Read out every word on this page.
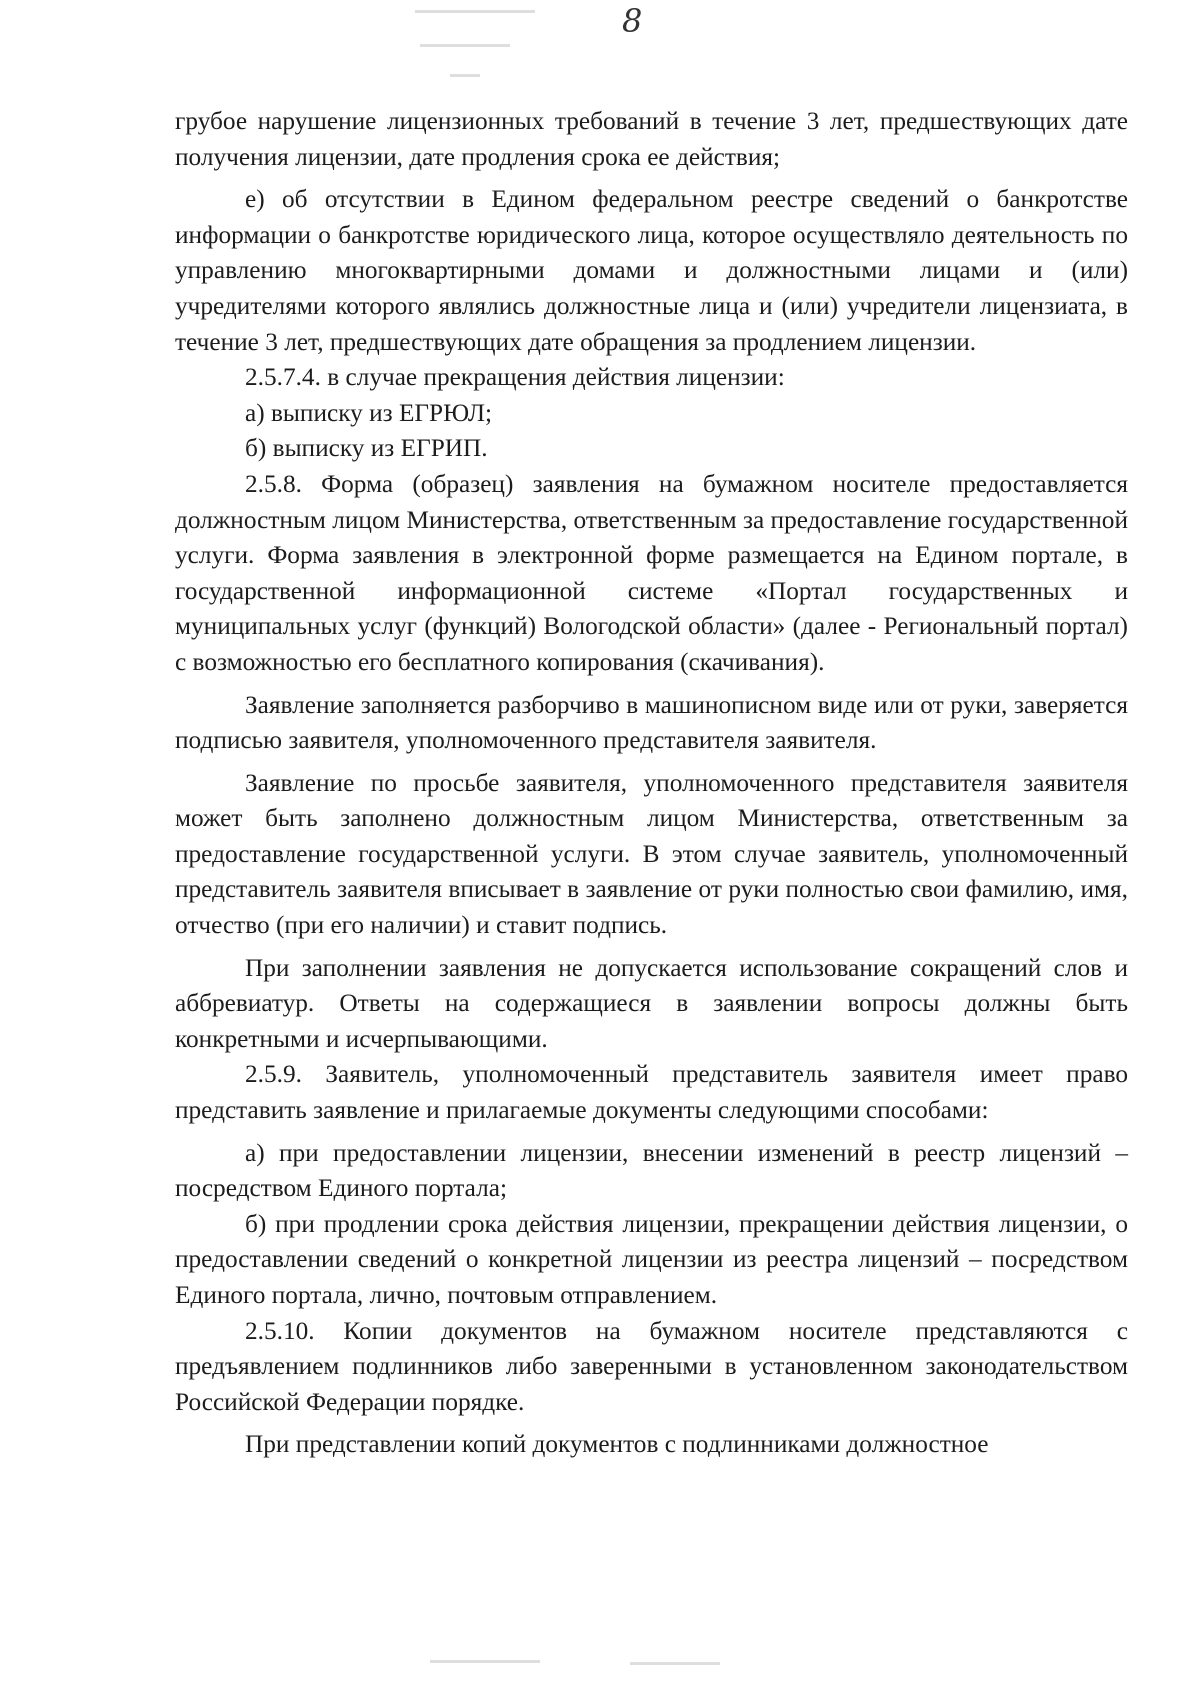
8

грубое нарушение лицензионных требований в течение 3 лет, предшествующих дате получения лицензии, дате продления срока ее действия;

е) об отсутствии в Едином федеральном реестре сведений о банкротстве информации о банкротстве юридического лица, которое осуществляло деятельность по управлению многоквартирными домами и должностными лицами и (или) учредителями которого являлись должностные лица и (или) учредители лицензиата, в течение 3 лет, предшествующих дате обращения за продлением лицензии.

2.5.7.4. в случае прекращения действия лицензии:

а) выписку из ЕГРЮЛ;

б) выписку из ЕГРИП.

2.5.8. Форма (образец) заявления на бумажном носителе предоставляется должностным лицом Министерства, ответственным за предоставление государственной услуги. Форма заявления в электронной форме размещается на Едином портале, в государственной информационной системе «Портал государственных и муниципальных услуг (функций) Вологодской области» (далее - Региональный портал) с возможностью его бесплатного копирования (скачивания).

Заявление заполняется разборчиво в машинописном виде или от руки, заверяется подписью заявителя, уполномоченного представителя заявителя.

Заявление по просьбе заявителя, уполномоченного представителя заявителя может быть заполнено должностным лицом Министерства, ответственным за предоставление государственной услуги. В этом случае заявитель, уполномоченный представитель заявителя вписывает в заявление от руки полностью свои фамилию, имя, отчество (при его наличии) и ставит подпись.

При заполнении заявления не допускается использование сокращений слов и аббревиатур. Ответы на содержащиеся в заявлении вопросы должны быть конкретными и исчерпывающими.

2.5.9. Заявитель, уполномоченный представитель заявителя имеет право представить заявление и прилагаемые документы следующими способами:

а) при предоставлении лицензии, внесении изменений в реестр лицензий – посредством Единого портала;

б) при продлении срока действия лицензии, прекращении действия лицензии, о предоставлении сведений о конкретной лицензии из реестра лицензий – посредством Единого портала, лично, почтовым отправлением.

2.5.10. Копии документов на бумажном носителе представляются с предъявлением подлинников либо заверенными в установленном законодательством Российской Федерации порядке.

При представлении копий документов с подлинниками должностное
